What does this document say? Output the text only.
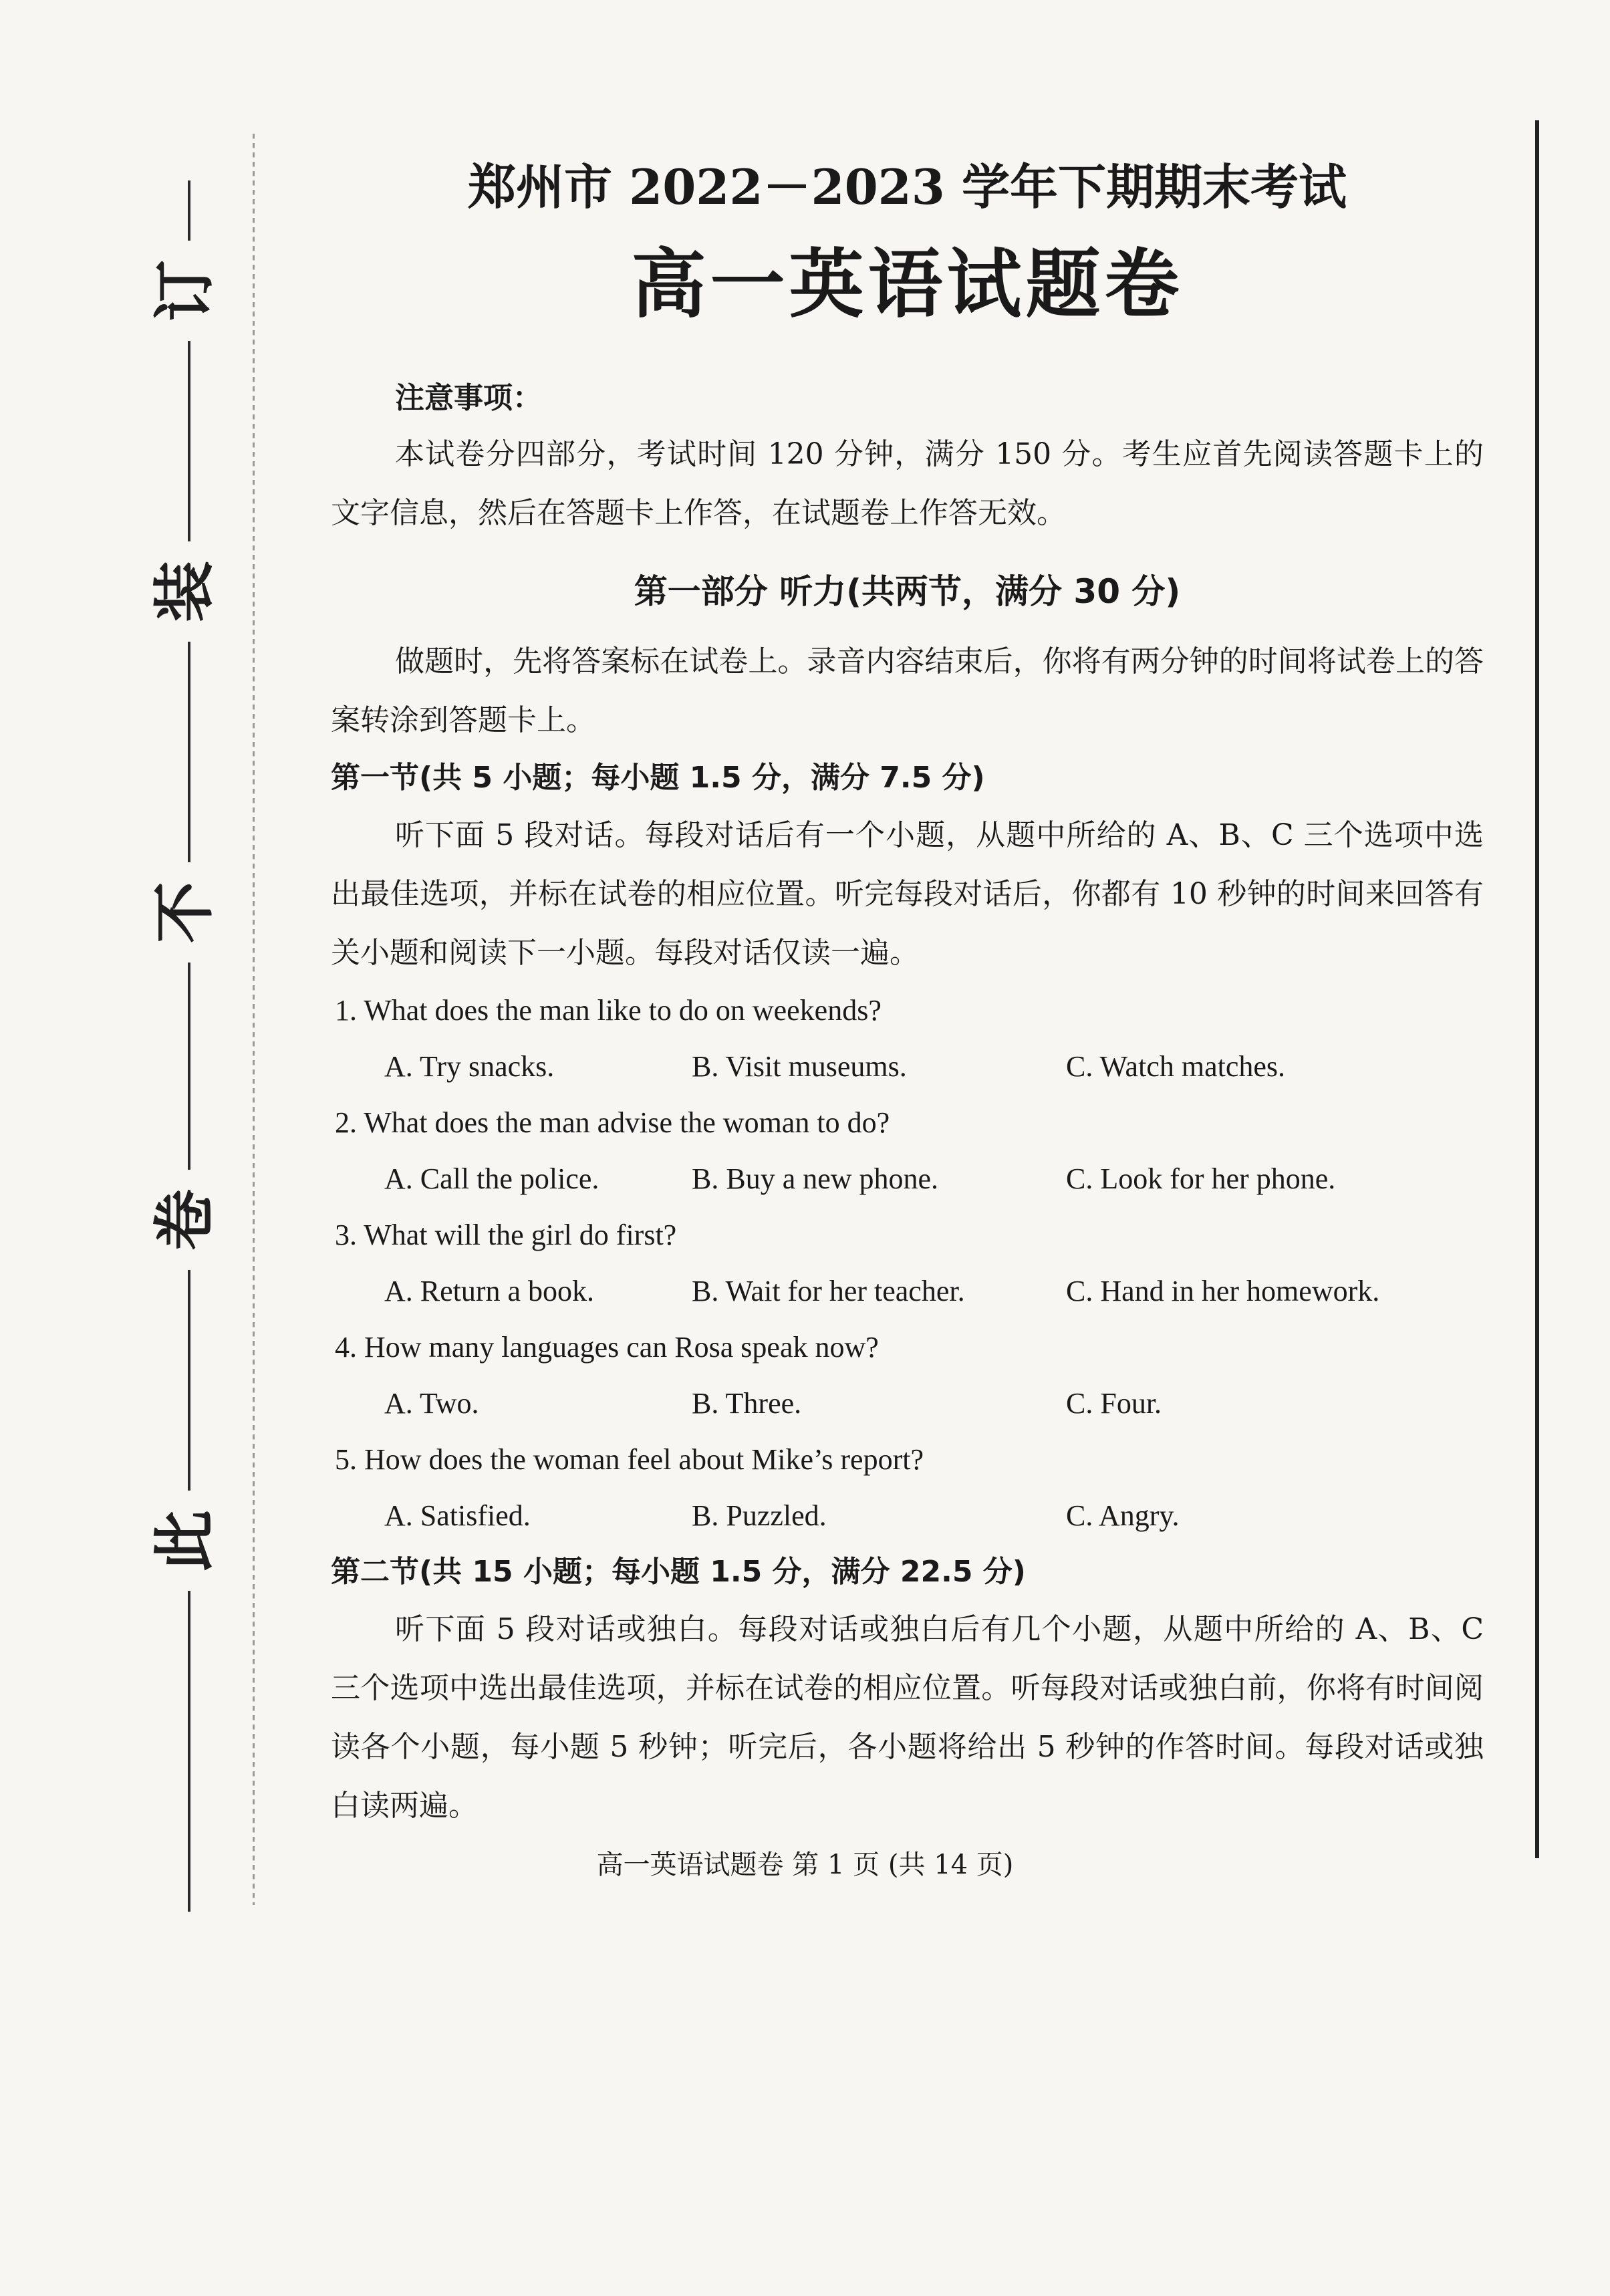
订
装
不
卷
此
郑州市 2022－2023 学年下期期末考试
高一英语试题卷
注意事项：

本试卷分四部分，考试时间 120 分钟，满分 150 分。考生应首先阅读答题卡上的文字信息，然后在答题卡上作答，在试题卷上作答无效。

第一部分 听力(共两节，满分 30 分)

做题时，先将答案标在试卷上。录音内容结束后，你将有两分钟的时间将试卷上的答案转涂到答题卡上。

第一节(共 5 小题；每小题 1.5 分，满分 7.5 分)

听下面 5 段对话。每段对话后有一个小题，从题中所给的 A、B、C 三个选项中选出最佳选项，并标在试卷的相应位置。听完每段对话后，你都有 10 秒钟的时间来回答有关小题和阅读下一小题。每段对话仅读一遍。

1. What does the man like to do on weekends?
A. Try snacks.	B. Visit museums.	C. Watch matches.
2. What does the man advise the woman to do?
A. Call the police.	B. Buy a new phone.	C. Look for her phone.
3. What will the girl do first?
A. Return a book.	B. Wait for her teacher.	C. Hand in her homework.
4. How many languages can Rosa speak now?
A. Two.	B. Three.	C. Four.
5. How does the woman feel about Mike’s report?
A. Satisfied.	B. Puzzled.	C. Angry.

第二节(共 15 小题；每小题 1.5 分，满分 22.5 分)

听下面 5 段对话或独白。每段对话或独白后有几个小题，从题中所给的 A、B、C 三个选项中选出最佳选项，并标在试卷的相应位置。听每段对话或独白前，你将有时间阅读各个小题，每小题 5 秒钟；听完后，各小题将给出 5 秒钟的作答时间。每段对话或独白读两遍。

高一英语试题卷 第 1 页 (共 14 页)
